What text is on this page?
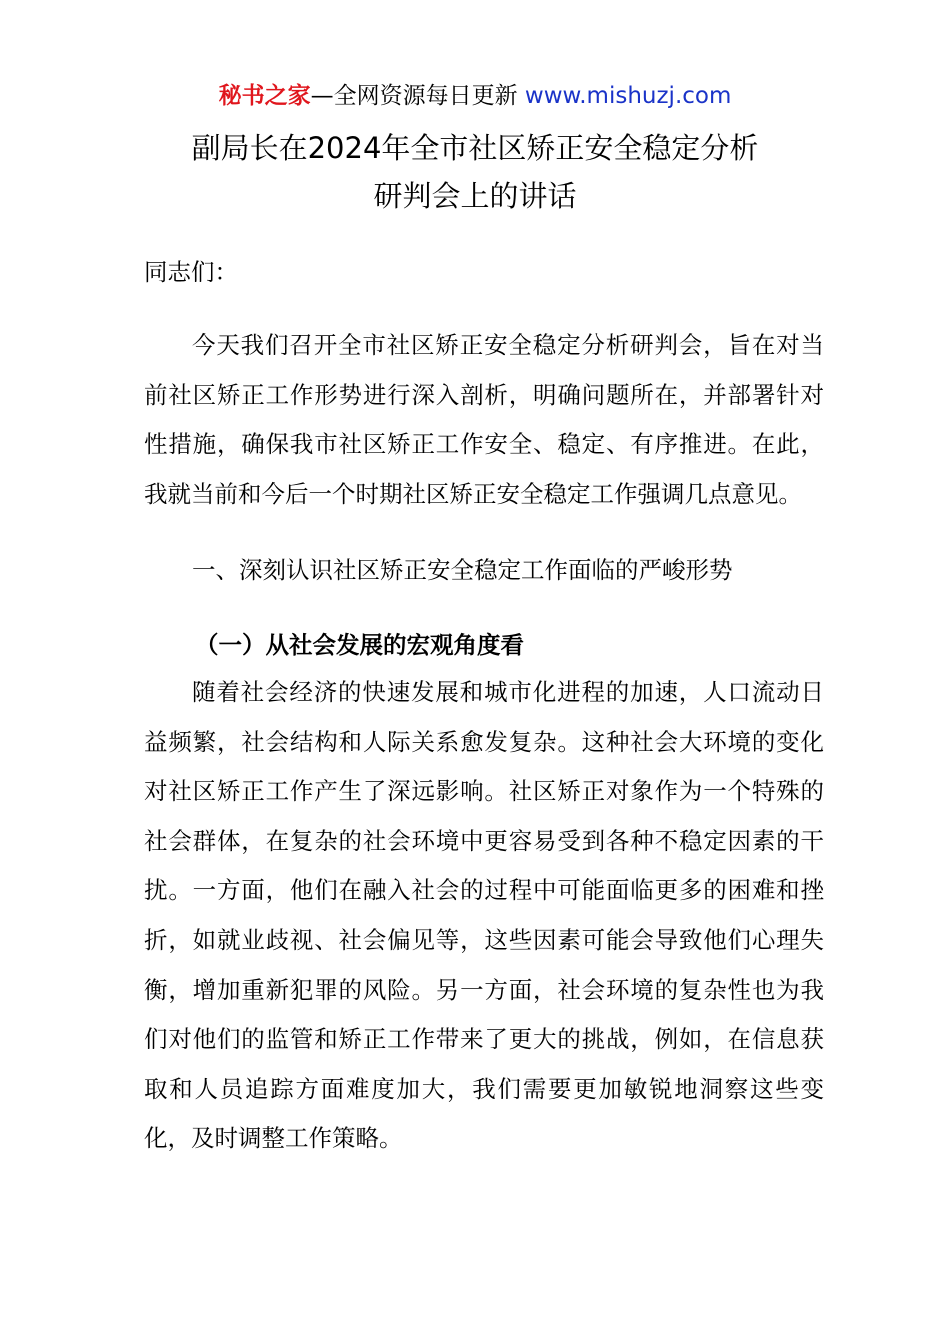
秘书之家—全网资源每日更新 www.mishuzj.com
副局长在2024年全市社区矫正安全稳定分析
研判会上的讲话

同志们：

今天我们召开全市社区矫正安全稳定分析研判会，旨在对当前社区矫正工作形势进行深入剖析，明确问题所在，并部署针对性措施，确保我市社区矫正工作安全、稳定、有序推进。在此，我就当前和今后一个时期社区矫正安全稳定工作强调几点意见。

一、深刻认识社区矫正安全稳定工作面临的严峻形势

（一）从社会发展的宏观角度看

随着社会经济的快速发展和城市化进程的加速，人口流动日益频繁，社会结构和人际关系愈发复杂。这种社会大环境的变化对社区矫正工作产生了深远影响。社区矫正对象作为一个特殊的社会群体，在复杂的社会环境中更容易受到各种不稳定因素的干扰。一方面，他们在融入社会的过程中可能面临更多的困难和挫折，如就业歧视、社会偏见等，这些因素可能会导致他们心理失衡，增加重新犯罪的风险。另一方面，社会环境的复杂性也为我们对他们的监管和矫正工作带来了更大的挑战，例如，在信息获取和人员追踪方面难度加大，我们需要更加敏锐地洞察这些变化，及时调整工作策略。
